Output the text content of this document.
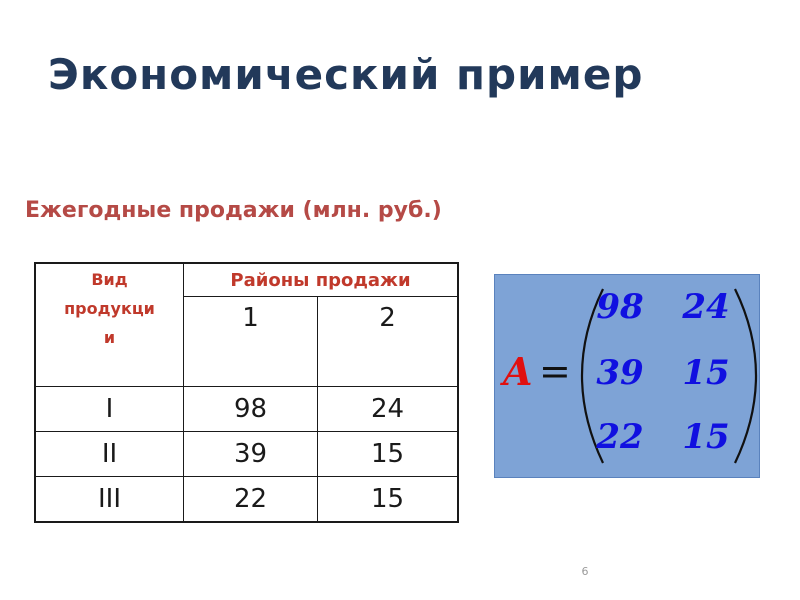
Экономический пример
Ежегодные продажи (млн. руб.)
Вид
продукци
и	Районы продажи	

	1	2

I	98	24
II	39	15
III	22	15
A =
98	24
39	15
22	15
6
